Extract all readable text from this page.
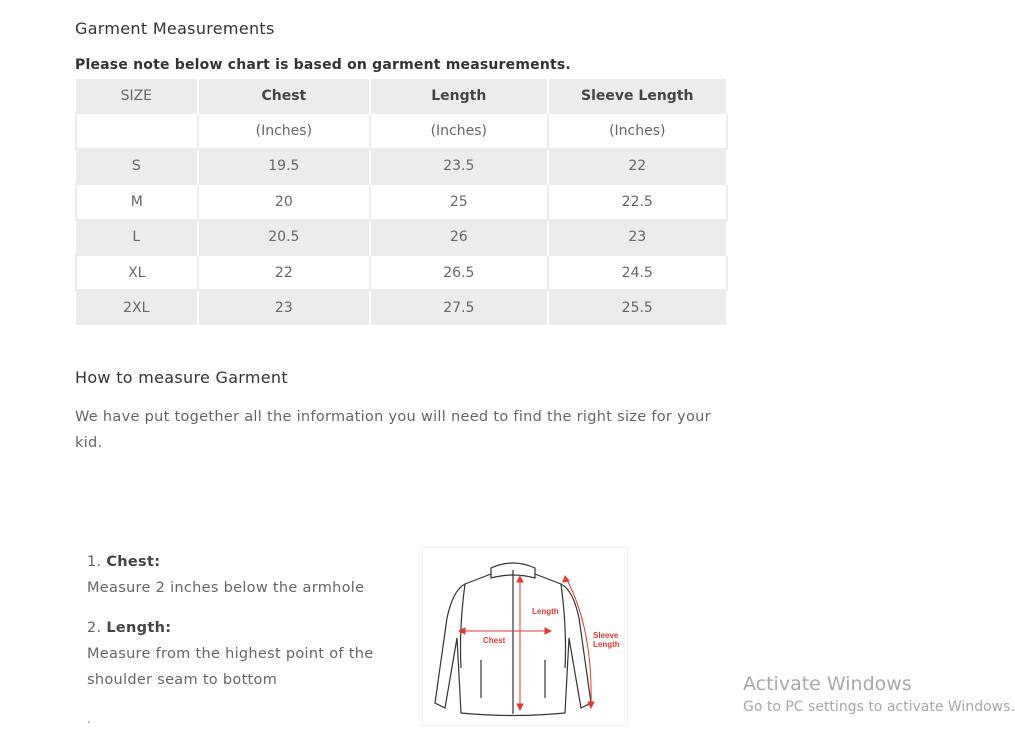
Garment Measurements
Please note below chart is based on garment measurements.
SIZE	Chest	Length	Sleeve Length
	(Inches)	(Inches)	(Inches)
S	19.5	23.5	22
M	20	25	22.5
L	20.5	26	23
XL	22	26.5	24.5
2XL	23	27.5	25.5
How to measure Garment
We have put together all the information you will need to find the right size for your kid.
1. Chest:
Measure 2 inches below the armhole
2. Length:
Measure from the highest point of the shoulder seam to bottom
.
Length
Chest
Sleeve
Length
Activate Windows
Go to PC settings to activate Windows.
